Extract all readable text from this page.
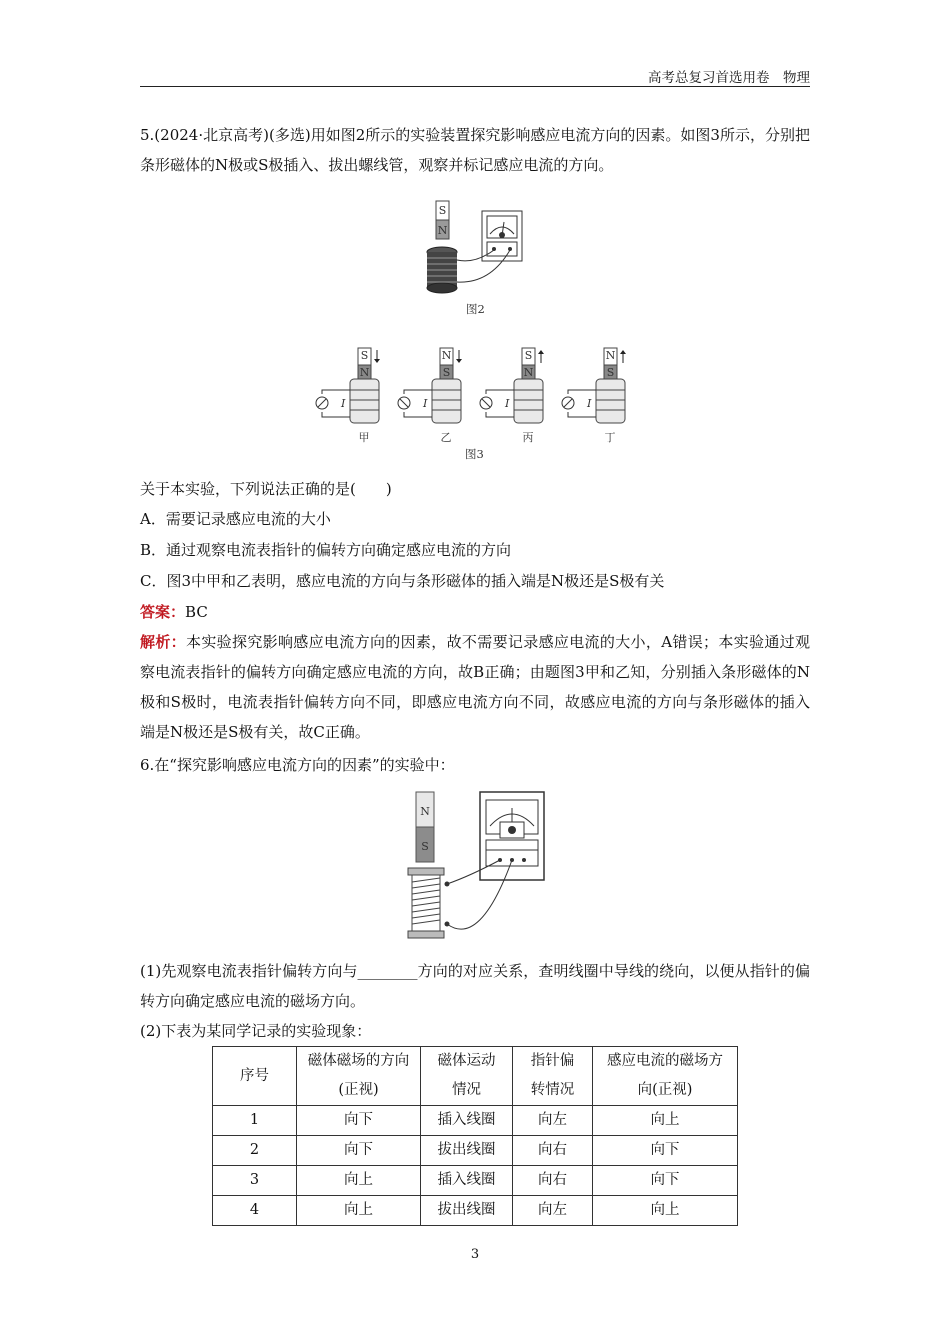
高考总复习首选用卷　物理

5.(2024·北京高考)(多选)用如图2所示的实验装置探究影响感应电流方向的因素。如图3所示，分别把条形磁体的N极或S极插入、拔出螺线管，观察并标记感应电流的方向。

S
N
图2
S
N
I
甲
N
S
I
乙
S
N
I
丙
N
S
I
丁
图3

关于本实验，下列说法正确的是(　　)

A．需要记录感应电流的大小

B．通过观察电流表指针的偏转方向确定感应电流的方向

C．图3中甲和乙表明，感应电流的方向与条形磁体的插入端是N极还是S极有关

答案：BC

解析：本实验探究影响感应电流方向的因素，故不需要记录感应电流的大小，A错误；本实验通过观察电流表指针的偏转方向确定感应电流的方向，故B正确；由题图3甲和乙知，分别插入条形磁体的N极和S极时，电流表指针偏转方向不同，即感应电流方向不同，故感应电流的方向与条形磁体的插入端是N极还是S极有关，故C正确。

6.在“探究影响感应电流方向的因素”的实验中：

N
S

(1)先观察电流表指针偏转方向与________方向的对应关系，查明线圈中导线的绕向，以便从指针的偏转方向确定感应电流的磁场方向。

(2)下表为某同学记录的实验现象：

序号	磁体磁场的方向(正视)	磁体运动情况	指针偏转情况	感应电流的磁场方向(正视)
1	向下	插入线圈	向左	向上
2	向下	拔出线圈	向右	向下
3	向上	插入线圈	向右	向下
4	向上	拔出线圈	向左	向上
3
